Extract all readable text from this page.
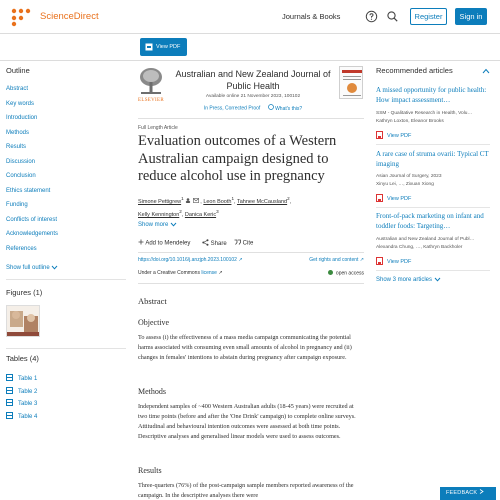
ScienceDirect	Journals & Books	Register	Sign in
View PDF
Outline
Abstract
Key words
Introduction
Methods
Results
Discussion
Conclusion
Ethics statement
Funding
Conflicts of interest
Acknowledgements
References
Show full outline
Figures (1)
Tables (4)
Table 1
Table 2
Table 3
Table 4
ELSEVIER
Australian and New Zealand Journal of Public Health
Available online 21 November 2023, 100102
In Press, Corrected Proof	What's this?
Full Length Article
Evaluation outcomes of a Western Australian campaign designed to reduce alcohol use in pregnancy
Simone Pettigrew$^1$   , Leon Booth$^1$, Tahnee McCausland$^2$,
Kelly Kennington$^2$, Danica Keric$^3$
Show more
Add to Mendeley	Share	Cite
https://doi.org/10.1016/j.anzjph.2023.100102 ↗	Get rights and content ↗
Under a Creative Commons license ↗	open access
Abstract
Objective
To assess (i) the effectiveness of a mass media campaign communicating the potential harms associated with consuming even small amounts of alcohol in pregnancy and (ii) changes in females' intentions to abstain during pregnancy after campaign exposure.
Methods
Independent samples of ~400 Western Australian adults (18-45 years) were recruited at two time points (before and after the 'One Drink' campaign) to complete online surveys. Attitudinal and behavioural intention outcomes were assessed at both time points. Descriptive analyses and generalised linear models were used to assess outcomes.
Results
Three-quarters (76%) of the post-campaign sample members reported awareness of the campaign. In the descriptive analyses there were
Recommended articles
A missed opportunity for public health: How impact assessment…
SSM - Qualitative Research in Health, Volu…
Kathryn Loxton, Eleanor Brooks
View PDF
A rare case of struma ovarii: Typical CT imaging
Asian Journal of Surgery, 2023
Xinyu Lei, …, Zixuan Xiong
View PDF
Front-of-pack marketing on infant and toddler foods: Targeting…
Australian and New Zealand Journal of Publ…
Alexandra Chung, …, Kathryn Backholer
View PDF
Show 3 more articles
FEEDBACK
